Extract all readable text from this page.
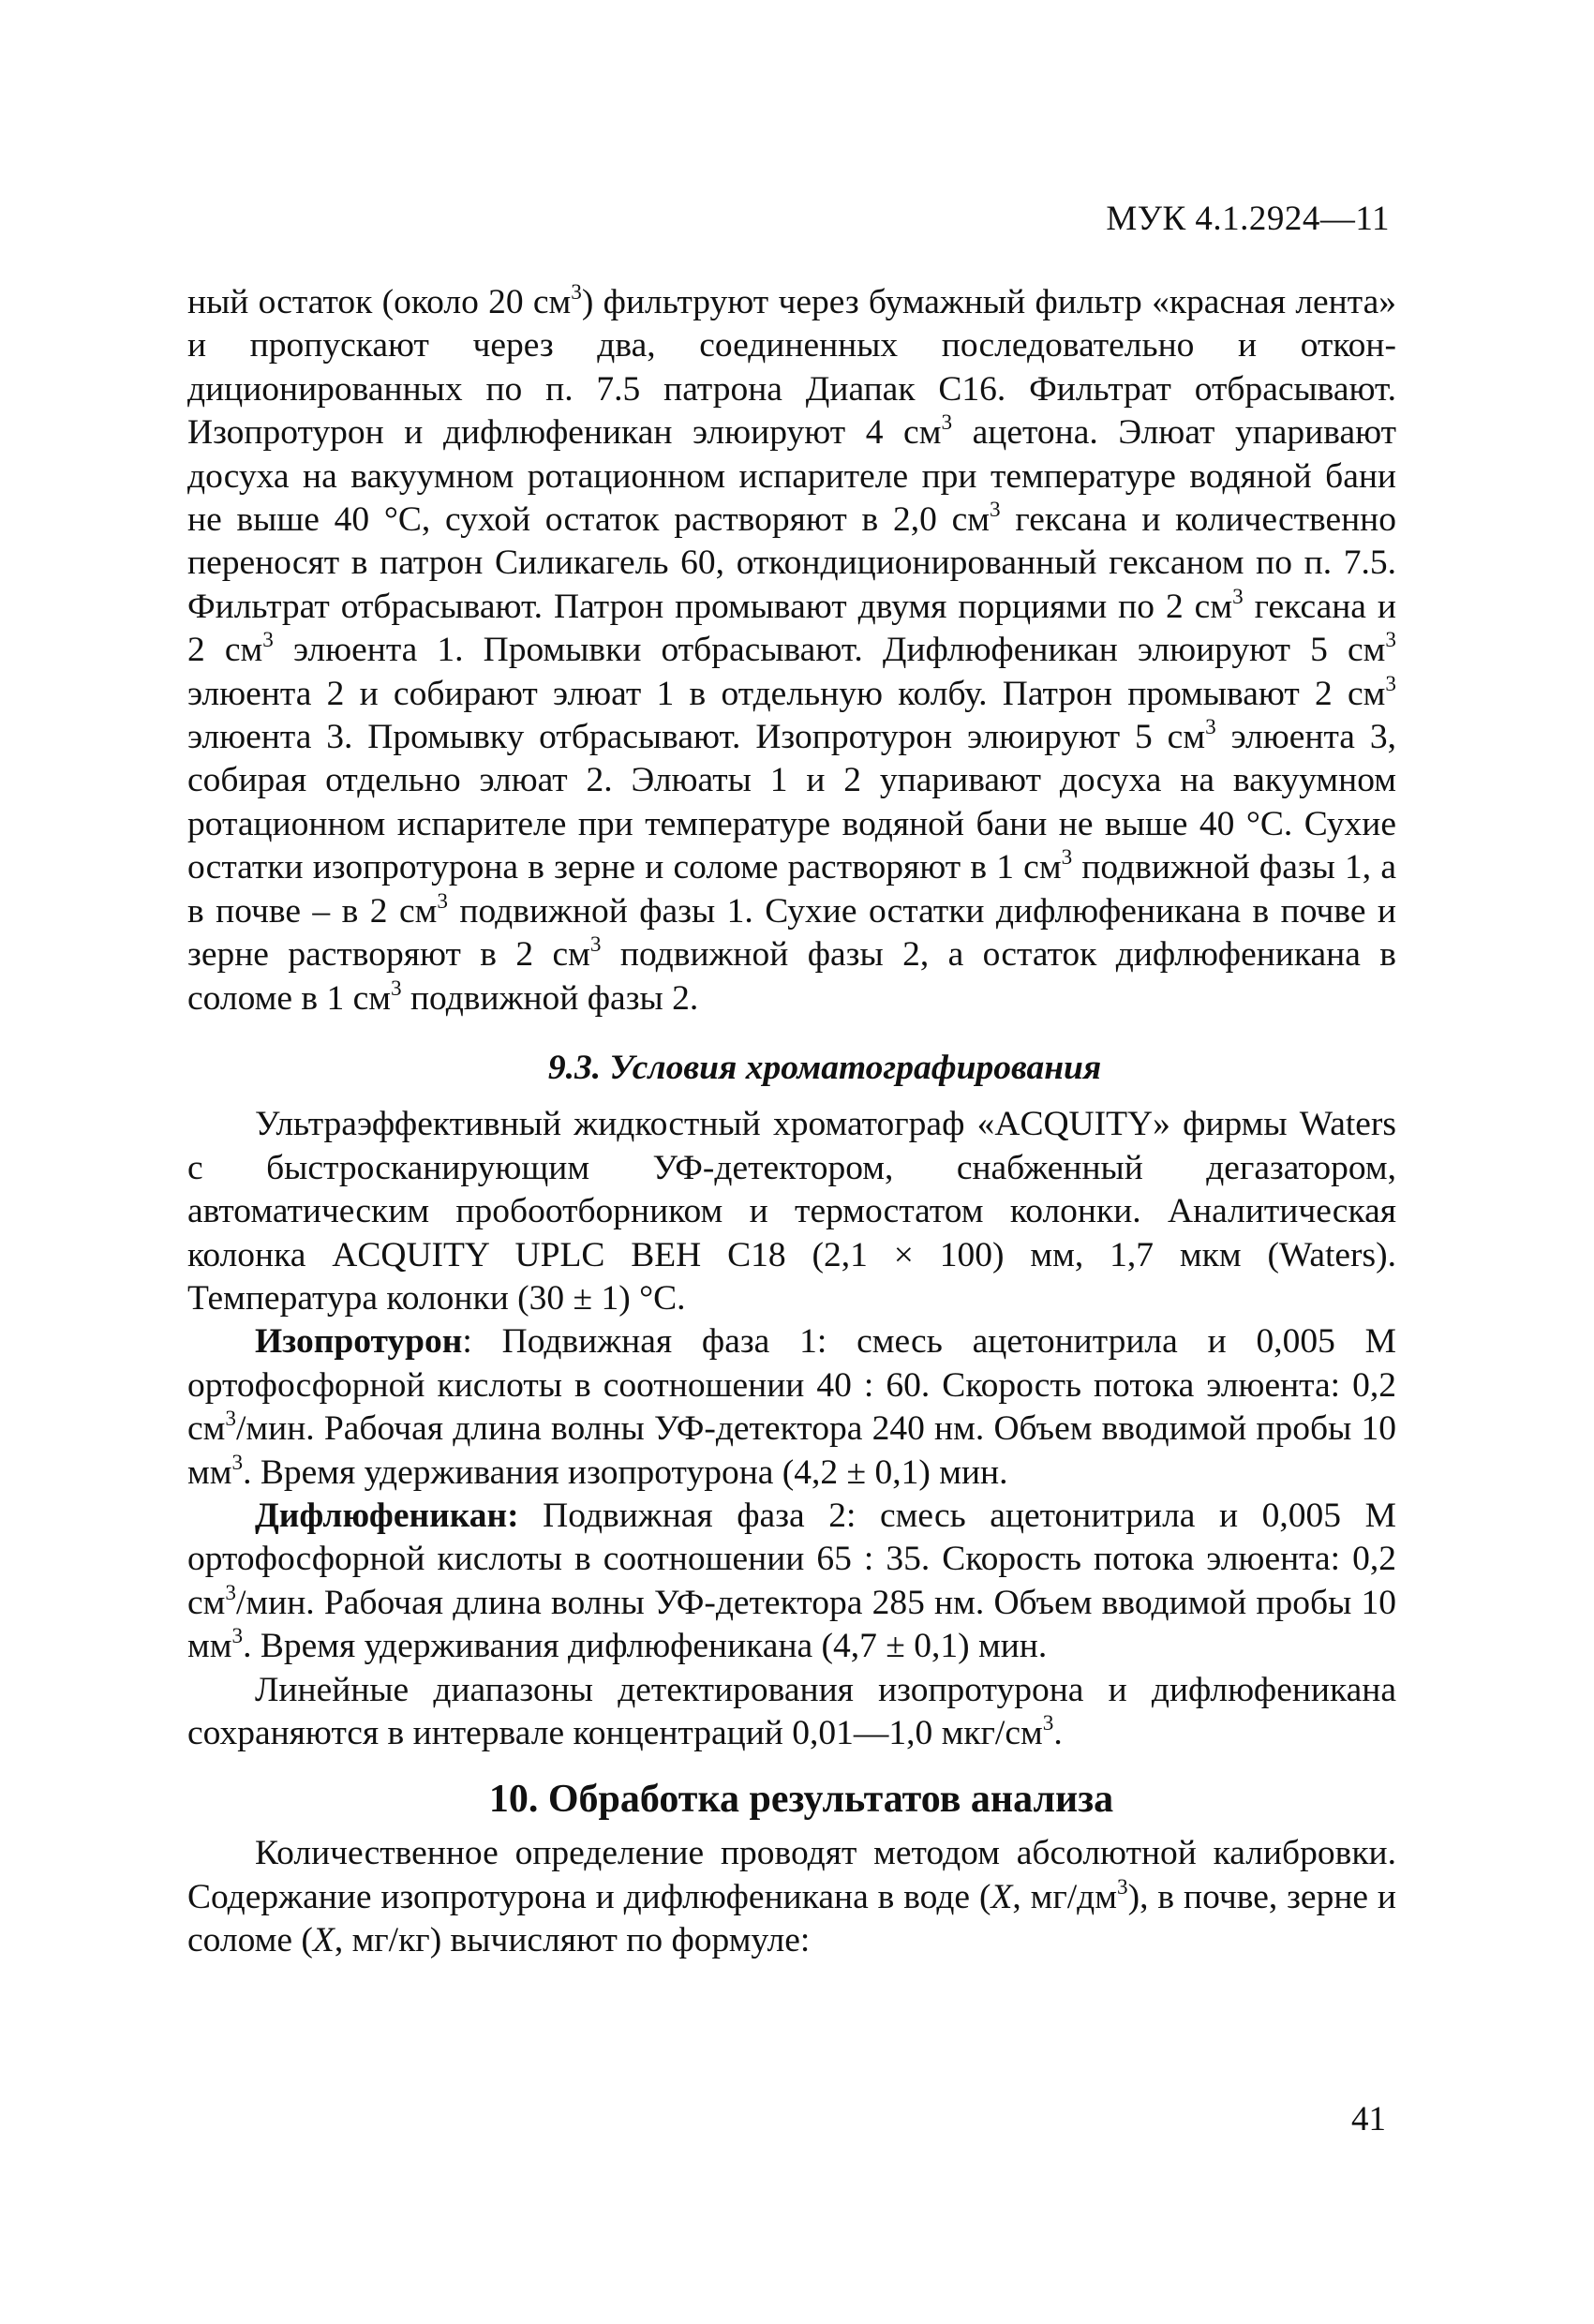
МУК 4.1.2924—11

ный остаток (около 20 $см^3$) фильтруют через бумажный фильтр «красная лента» и пропускают через два, соединенных последовательно и откондиционированных по п. 7.5 патрона Диапак С16. Фильтрат отбрасывают. Изопротурон и дифлюфеникан элюируют 4 $см^3$ ацетона. Элюат упаривают досуха на вакуумном ротационном испарителе при температуре водяной бани не выше 40 °С, сухой остаток растворяют в 2,0 $см^3$ гексана и количественно переносят в патрон Силикагель 60, откондиционированный гексаном по п. 7.5. Фильтрат отбрасывают. Патрон промывают двумя порциями по 2 $см^3$ гексана и 2 $см^3$ элюента 1. Промывки отбрасывают. Дифлюфеникан элюируют 5 $см^3$ элюента 2 и собирают элюат 1 в отдельную колбу. Патрон промывают 2 $см^3$ элюента 3. Промывку отбрасывают. Изопротурон элюируют 5 $см^3$ элюента 3, собирая отдельно элюат 2. Элюаты 1 и 2 упаривают досуха на вакуумном ротационном испарителе при температуре водяной бани не выше 40 °С. Сухие остатки изопротурона в зерне и соломе растворяют в 1 $см^3$ подвижной фазы 1, а в почве – в 2 $см^3$ подвижной фазы 1. Сухие остатки дифлюфеникана в почве и зерне растворяют в 2 $см^3$ подвижной фазы 2, а остаток дифлюфеникана в соломе в 1 $см^3$ подвижной фазы 2.

9.3. Условия хроматографирования

Ультраэффективный жидкостный хроматограф «ACQUITY» фирмы Waters с быстросканирующим УФ-детектором, снабженный дегазатором, автоматическим пробоотборником и термостатом колонки. Аналитическая колонка ACQUITY UPLC BEH C18 (2,1 × 100) мм, 1,7 мкм (Waters). Температура колонки (30 ± 1) °С.

Изопротурон: Подвижная фаза 1: смесь ацетонитрила и 0,005 М ортофосфорной кислоты в соотношении 40 : 60. Скорость потока элюента: 0,2 $см^3$/мин. Рабочая длина волны УФ-детектора 240 нм. Объем вводимой пробы 10 $мм^3$. Время удерживания изопротурона (4,2 ± 0,1) мин.

Дифлюфеникан: Подвижная фаза 2: смесь ацетонитрила и 0,005 М ортофосфорной кислоты в соотношении 65 : 35. Скорость потока элюента: 0,2 $см^3$/мин. Рабочая длина волны УФ-детектора 285 нм. Объем вводимой пробы 10 $мм^3$. Время удерживания дифлюфеникана (4,7 ± 0,1) мин.

Линейные диапазоны детектирования изопротурона и дифлюфеникана сохраняются в интервале концентраций 0,01—1,0 мкг/$см^3$.

10. Обработка результатов анализа

Количественное определение проводят методом абсолютной калибровки. Содержание изопротурона и дифлюфеникана в воде (X, $мг/дм^3$), в почве, зерне и соломе (X, мг/кг) вычисляют по формуле:

41
